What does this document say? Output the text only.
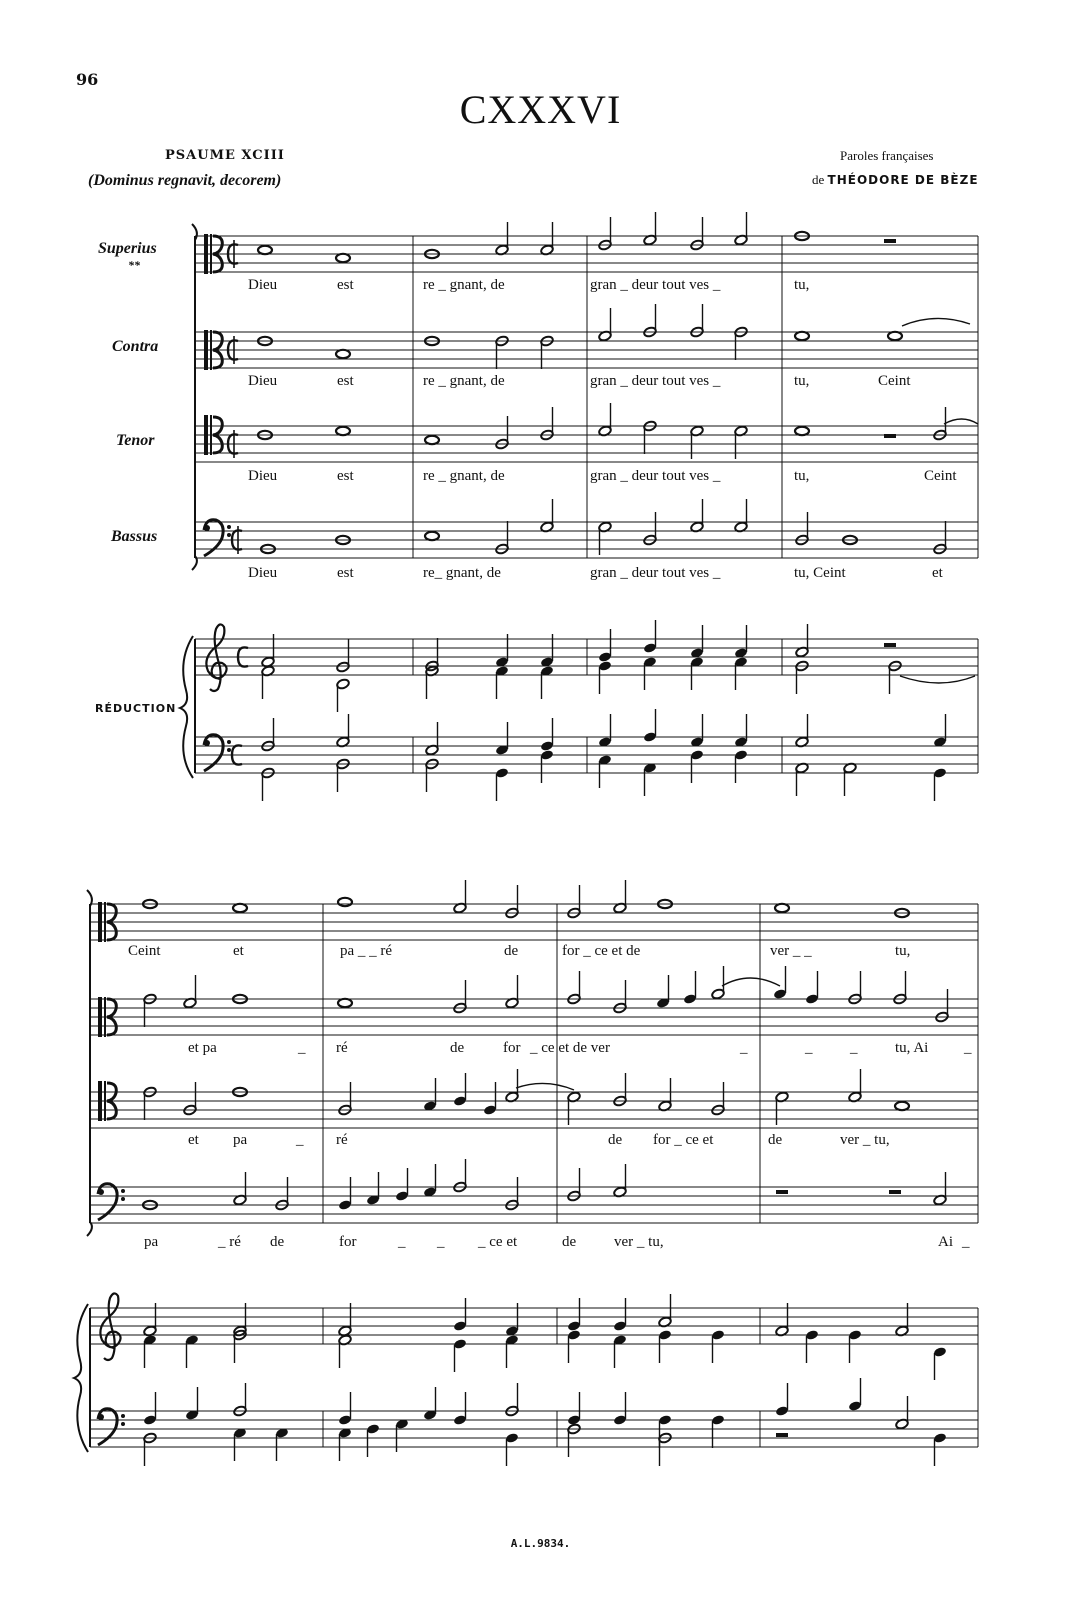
96
CXXXVI
PSAUME XCIII
(Dominus regnavit, decorem)
Paroles françaises
de THÉODORE DE BÈZE
Superius
**
Contra
Tenor
Bassus
RÉDUCTION
Dieu	est	re _ gnant, de	gran _ deur tout ves _	tu,
Dieu	est	re _ gnant, de	gran _ deur tout ves _	tu,	Ceint
Dieu	est	re _ gnant, de	gran _ deur tout ves _	tu,	Ceint
Dieu	est	re_ gnant, de	gran _ deur tout ves _	tu, Ceint	et
Ceint	et	pa _ _ ré	de	for _ ce et de	ver _ _	tu,
et pa	_ ré	de	for _ ce et de ver	_	_	_	tu, Ai _
et pa	_ ré	de for _ ce et	de	ver _ tu,
pa	_ ré de	for	_ _ _ ce et	de	ver _ tu,	Ai _
A.L.9834.
